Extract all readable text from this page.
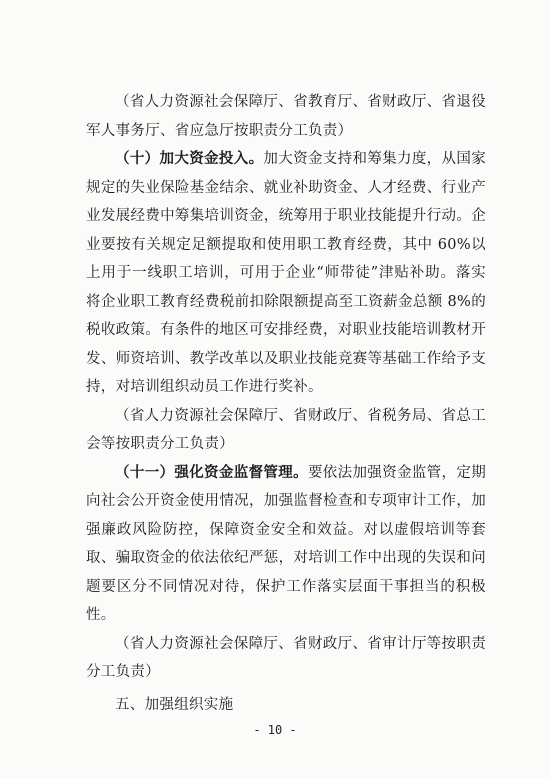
（省人力资源社会保障厅、省教育厅、省财政厅、省退役军人事务厅、省应急厅按职责分工负责）

（十）加大资金投入。加大资金支持和筹集力度，从国家规定的失业保险基金结余、就业补助资金、人才经费、行业产业发展经费中筹集培训资金，统筹用于职业技能提升行动。企业要按有关规定足额提取和使用职工教育经费，其中 60%以上用于一线职工培训，可用于企业“师带徒”津贴补助。落实将企业职工教育经费税前扣除限额提高至工资薪金总额 8%的税收政策。有条件的地区可安排经费，对职业技能培训教材开发、师资培训、教学改革以及职业技能竞赛等基础工作给予支持，对培训组织动员工作进行奖补。

（省人力资源社会保障厅、省财政厅、省税务局、省总工会等按职责分工负责）

（十一）强化资金监督管理。要依法加强资金监管，定期向社会公开资金使用情况，加强监督检查和专项审计工作，加强廉政风险防控，保障资金安全和效益。对以虚假培训等套取、骗取资金的依法依纪严惩，对培训工作中出现的失误和问题要区分不同情况对待，保护工作落实层面干事担当的积极性。

（省人力资源社会保障厅、省财政厅、省审计厅等按职责分工负责）

五、加强组织实施

- 10 -
